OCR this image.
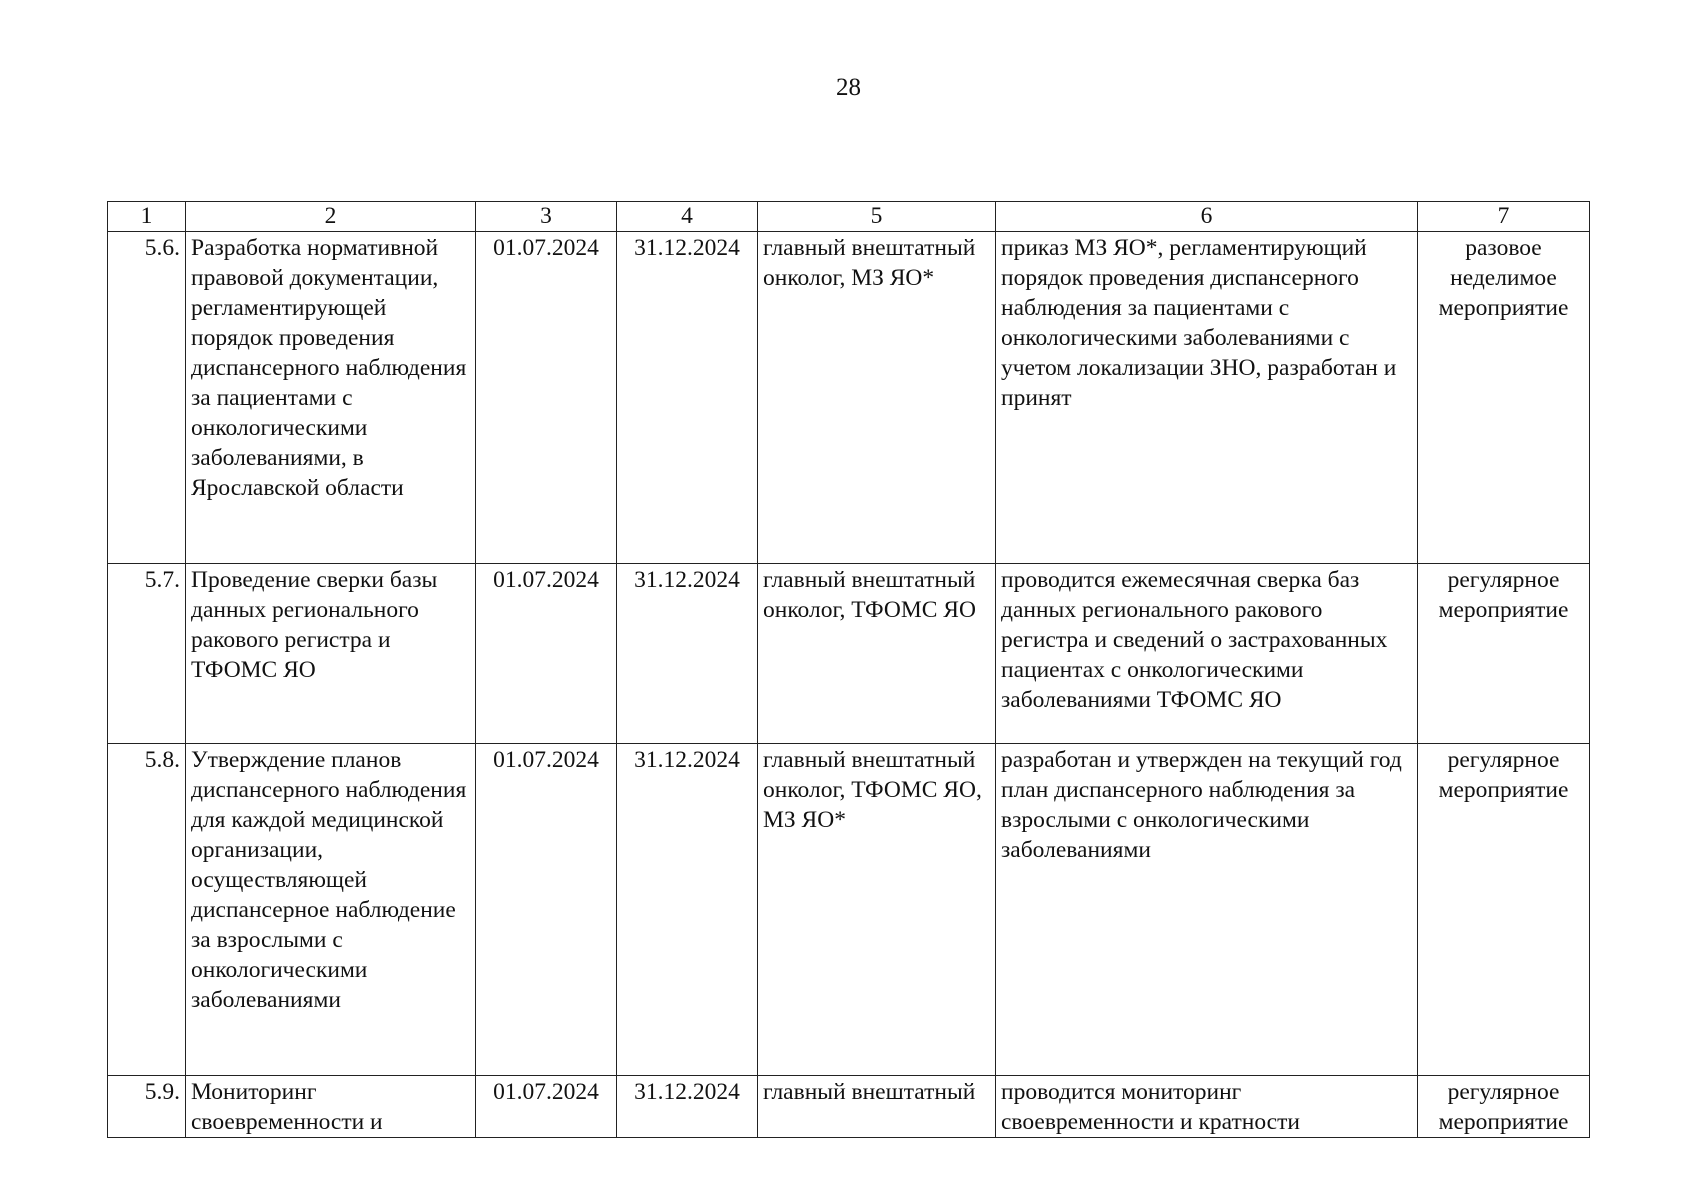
28
1	2	3	4	5	6	7
5.6.	Разработка нормативной правовой документации, регламентирующей порядок проведения диспансерного наблюдения за пациентами с онкологическими заболеваниями, в Ярославской области	01.07.2024	31.12.2024	главный внештатный онколог, МЗ ЯО*	приказ МЗ ЯО*, регламентирующий порядок проведения диспансерного наблюдения за пациентами с онкологическими заболеваниями с учетом локализации ЗНО, разработан и принят	разовое неделимое мероприятие
5.7.	Проведение сверки базы данных регионального ракового регистра и ТФОМС ЯО	01.07.2024	31.12.2024	главный внештатный онколог, ТФОМС ЯО	проводится ежемесячная сверка баз данных регионального ракового регистра и сведений о застрахованных пациентах с онкологическими заболеваниями ТФОМС ЯО	регулярное мероприятие
5.8.	Утверждение планов диспансерного наблюдения для каждой медицинской организации, осуществляющей диспансерное наблюдение за взрослыми с онкологическими заболеваниями	01.07.2024	31.12.2024	главный внештатный онколог, ТФОМС ЯО, МЗ ЯО*	разработан и утвержден на текущий год план диспансерного наблюдения за взрослыми с онкологическими заболеваниями	регулярное мероприятие
5.9.	Мониторинг своевременности и	01.07.2024	31.12.2024	главный внештатный	проводится мониторинг своевременности и кратности	регулярное мероприятие
